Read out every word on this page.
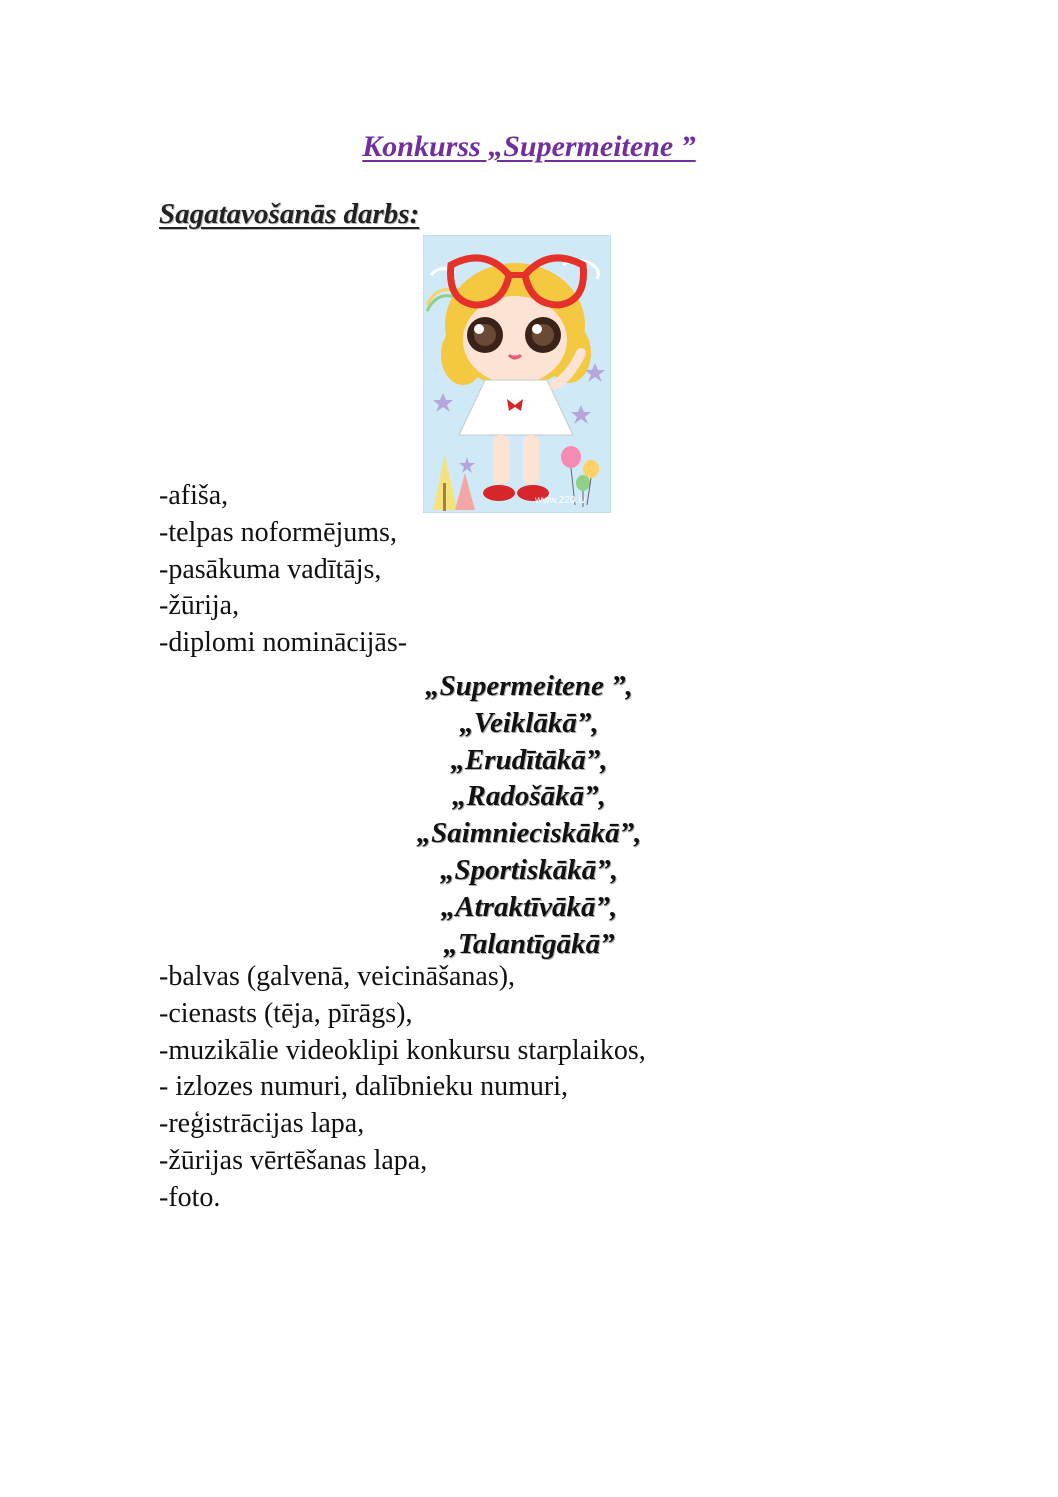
Konkurss „Supermeitene ”
Sagatavošanās darbs:
www.220.lv
-afiša,
-telpas noformējums,
-pasākuma vadītājs,
-žūrija,
-diplomi nominācijās-
„Supermeitene ”,
„Veiklākā”,
„Erudītākā”,
„Radošākā”,
„Saimnieciskākā”,
„Sportiskākā”,
„Atraktīvākā”,
„Talantīgākā”
-balvas (galvenā, veicināšanas),
-cienasts (tēja, pīrāgs),
-muzikālie videoklipi konkursu starplaikos,
- izlozes numuri, dalībnieku numuri,
-reģistrācijas lapa,
-žūrijas vērtēšanas lapa,
-foto.
